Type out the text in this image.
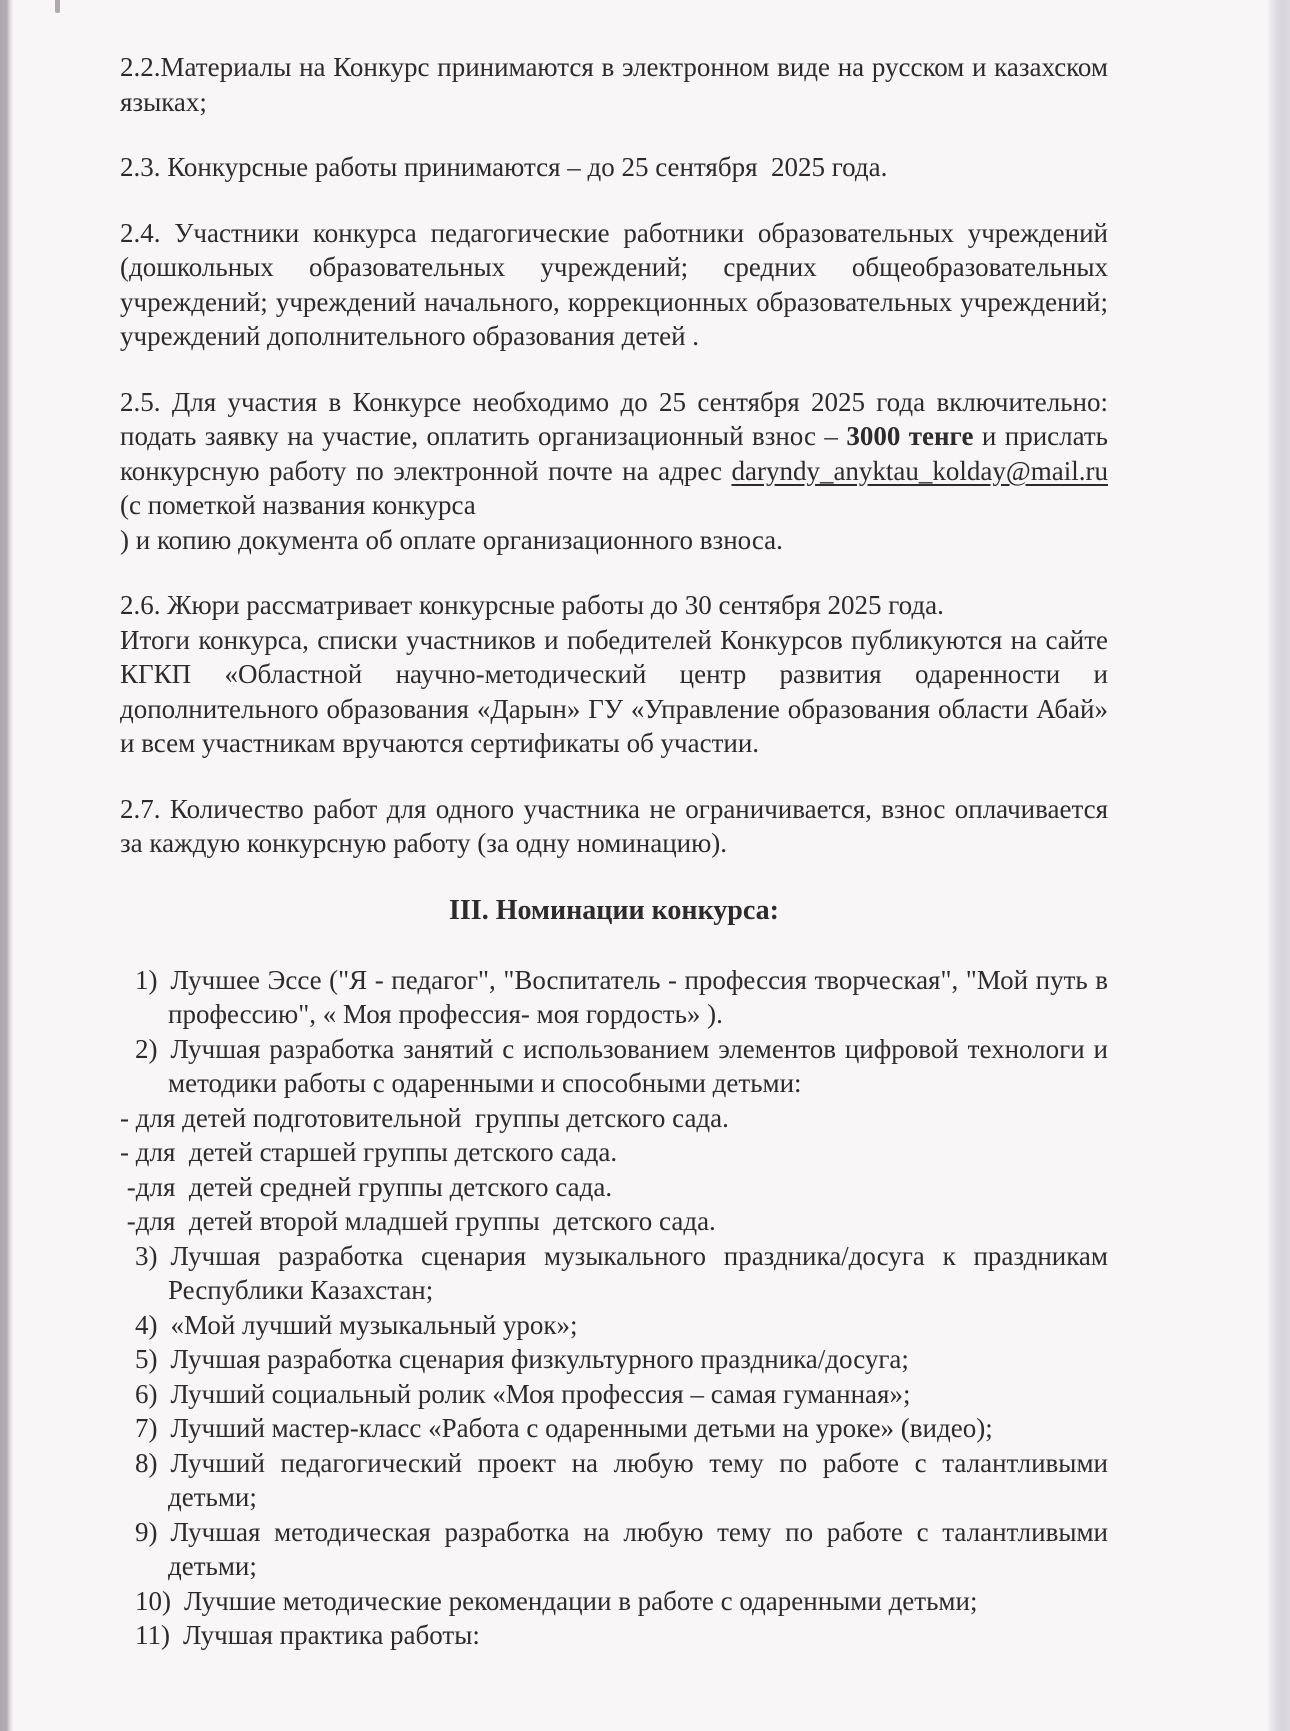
2.2.Материалы на Конкурс принимаются в электронном виде на русском и казахском языках;

2.3. Конкурсные работы принимаются – до 25 сентября  2025 года.

2.4. Участники конкурса педагогические работники образовательных учреждений (дошкольных образовательных учреждений; средних общеобразовательных учреждений; учреждений начального, коррекционных образовательных учреждений; учреждений дополнительного образования детей .

2.5. Для участия в Конкурсе необходимо до 25 сентября 2025 года включительно: подать заявку на участие, оплатить организационный взнос – 3000 тенге и прислать конкурсную работу по электронной почте на адрес daryndy_anyktau_kolday@mail.ru (с пометкой названия конкурса

) и копию документа об оплате организационного взноса.

2.6. Жюри рассматривает конкурсные работы до 30 сентября 2025 года.

Итоги конкурса, списки участников и победителей Конкурсов публикуются на сайте КГКП «Областной научно-методический центр развития одаренности и дополнительного образования «Дарын» ГУ «Управление образования области Абай» и всем участникам вручаются сертификаты об участии.

2.7. Количество работ для одного участника не ограничивается, взнос оплачивается за каждую конкурсную работу (за одну номинацию).

III. Номинации конкурса:
1) Лучшее Эссе ("Я - педагог", "Воспитатель - профессия творческая", "Мой путь в профессию", « Моя профессия- моя гордость» ).
2) Лучшая разработка занятий с использованием элементов цифровой технологи и методики работы с одаренными и способными детьми:
- для детей подготовительной  группы детского сада.
- для  детей старшей группы детского сада.
-для  детей средней группы детского сада.
-для  детей второй младшей группы  детского сада.
3) Лучшая разработка сценария музыкального праздника/досуга к праздникам Республики Казахстан;
4) «Мой лучший музыкальный урок»;
5) Лучшая разработка сценария физкультурного праздника/досуга;
6) Лучший социальный ролик «Моя профессия – самая гуманная»;
7) Лучший мастер-класс «Работа с одаренными детьми на уроке» (видео);
8) Лучший педагогический проект на любую тему по работе с талантливыми детьми;
9) Лучшая методическая разработка на любую тему по работе с талантливыми детьми;
10) Лучшие методические рекомендации в работе с одаренными детьми;
11) Лучшая практика работы:
